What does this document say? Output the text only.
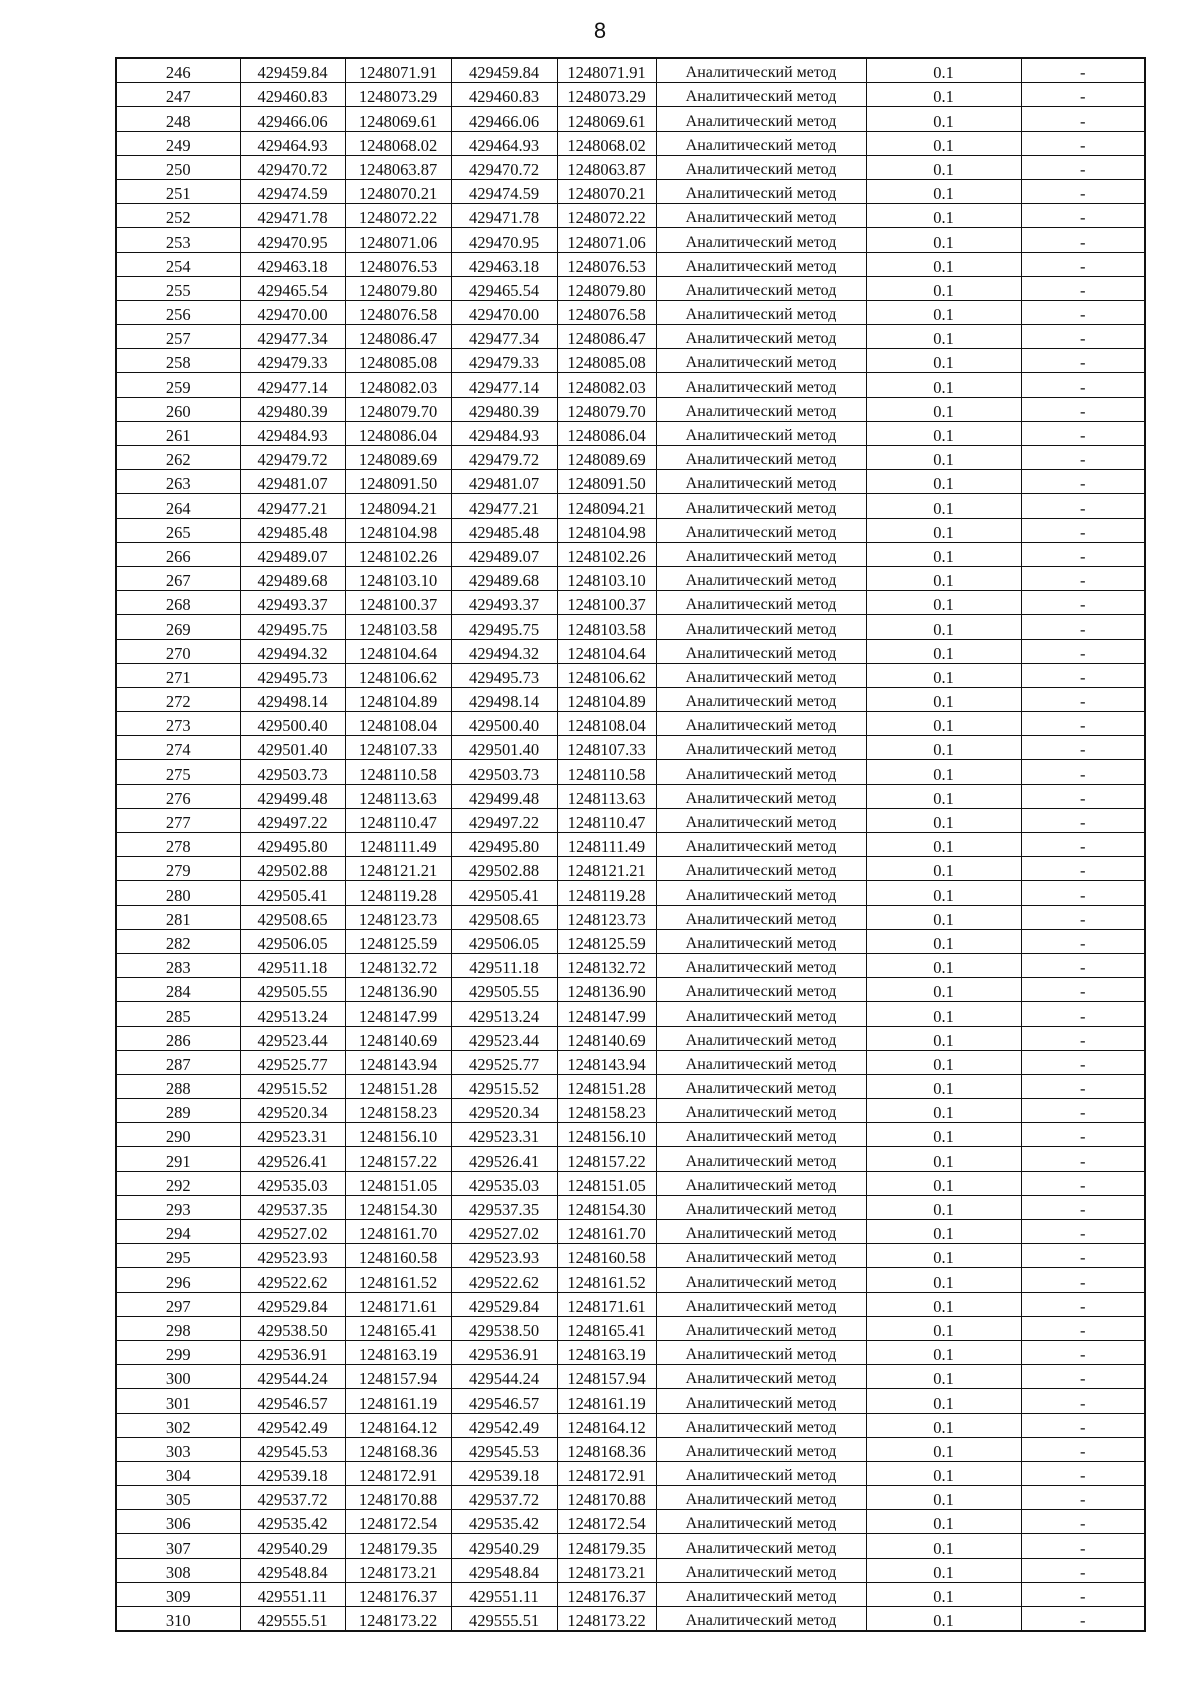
8
246	429459.84	1248071.91	429459.84	1248071.91	Аналитический метод	0.1	-
247	429460.83	1248073.29	429460.83	1248073.29	Аналитический метод	0.1	-
248	429466.06	1248069.61	429466.06	1248069.61	Аналитический метод	0.1	-
249	429464.93	1248068.02	429464.93	1248068.02	Аналитический метод	0.1	-
250	429470.72	1248063.87	429470.72	1248063.87	Аналитический метод	0.1	-
251	429474.59	1248070.21	429474.59	1248070.21	Аналитический метод	0.1	-
252	429471.78	1248072.22	429471.78	1248072.22	Аналитический метод	0.1	-
253	429470.95	1248071.06	429470.95	1248071.06	Аналитический метод	0.1	-
254	429463.18	1248076.53	429463.18	1248076.53	Аналитический метод	0.1	-
255	429465.54	1248079.80	429465.54	1248079.80	Аналитический метод	0.1	-
256	429470.00	1248076.58	429470.00	1248076.58	Аналитический метод	0.1	-
257	429477.34	1248086.47	429477.34	1248086.47	Аналитический метод	0.1	-
258	429479.33	1248085.08	429479.33	1248085.08	Аналитический метод	0.1	-
259	429477.14	1248082.03	429477.14	1248082.03	Аналитический метод	0.1	-
260	429480.39	1248079.70	429480.39	1248079.70	Аналитический метод	0.1	-
261	429484.93	1248086.04	429484.93	1248086.04	Аналитический метод	0.1	-
262	429479.72	1248089.69	429479.72	1248089.69	Аналитический метод	0.1	-
263	429481.07	1248091.50	429481.07	1248091.50	Аналитический метод	0.1	-
264	429477.21	1248094.21	429477.21	1248094.21	Аналитический метод	0.1	-
265	429485.48	1248104.98	429485.48	1248104.98	Аналитический метод	0.1	-
266	429489.07	1248102.26	429489.07	1248102.26	Аналитический метод	0.1	-
267	429489.68	1248103.10	429489.68	1248103.10	Аналитический метод	0.1	-
268	429493.37	1248100.37	429493.37	1248100.37	Аналитический метод	0.1	-
269	429495.75	1248103.58	429495.75	1248103.58	Аналитический метод	0.1	-
270	429494.32	1248104.64	429494.32	1248104.64	Аналитический метод	0.1	-
271	429495.73	1248106.62	429495.73	1248106.62	Аналитический метод	0.1	-
272	429498.14	1248104.89	429498.14	1248104.89	Аналитический метод	0.1	-
273	429500.40	1248108.04	429500.40	1248108.04	Аналитический метод	0.1	-
274	429501.40	1248107.33	429501.40	1248107.33	Аналитический метод	0.1	-
275	429503.73	1248110.58	429503.73	1248110.58	Аналитический метод	0.1	-
276	429499.48	1248113.63	429499.48	1248113.63	Аналитический метод	0.1	-
277	429497.22	1248110.47	429497.22	1248110.47	Аналитический метод	0.1	-
278	429495.80	1248111.49	429495.80	1248111.49	Аналитический метод	0.1	-
279	429502.88	1248121.21	429502.88	1248121.21	Аналитический метод	0.1	-
280	429505.41	1248119.28	429505.41	1248119.28	Аналитический метод	0.1	-
281	429508.65	1248123.73	429508.65	1248123.73	Аналитический метод	0.1	-
282	429506.05	1248125.59	429506.05	1248125.59	Аналитический метод	0.1	-
283	429511.18	1248132.72	429511.18	1248132.72	Аналитический метод	0.1	-
284	429505.55	1248136.90	429505.55	1248136.90	Аналитический метод	0.1	-
285	429513.24	1248147.99	429513.24	1248147.99	Аналитический метод	0.1	-
286	429523.44	1248140.69	429523.44	1248140.69	Аналитический метод	0.1	-
287	429525.77	1248143.94	429525.77	1248143.94	Аналитический метод	0.1	-
288	429515.52	1248151.28	429515.52	1248151.28	Аналитический метод	0.1	-
289	429520.34	1248158.23	429520.34	1248158.23	Аналитический метод	0.1	-
290	429523.31	1248156.10	429523.31	1248156.10	Аналитический метод	0.1	-
291	429526.41	1248157.22	429526.41	1248157.22	Аналитический метод	0.1	-
292	429535.03	1248151.05	429535.03	1248151.05	Аналитический метод	0.1	-
293	429537.35	1248154.30	429537.35	1248154.30	Аналитический метод	0.1	-
294	429527.02	1248161.70	429527.02	1248161.70	Аналитический метод	0.1	-
295	429523.93	1248160.58	429523.93	1248160.58	Аналитический метод	0.1	-
296	429522.62	1248161.52	429522.62	1248161.52	Аналитический метод	0.1	-
297	429529.84	1248171.61	429529.84	1248171.61	Аналитический метод	0.1	-
298	429538.50	1248165.41	429538.50	1248165.41	Аналитический метод	0.1	-
299	429536.91	1248163.19	429536.91	1248163.19	Аналитический метод	0.1	-
300	429544.24	1248157.94	429544.24	1248157.94	Аналитический метод	0.1	-
301	429546.57	1248161.19	429546.57	1248161.19	Аналитический метод	0.1	-
302	429542.49	1248164.12	429542.49	1248164.12	Аналитический метод	0.1	-
303	429545.53	1248168.36	429545.53	1248168.36	Аналитический метод	0.1	-
304	429539.18	1248172.91	429539.18	1248172.91	Аналитический метод	0.1	-
305	429537.72	1248170.88	429537.72	1248170.88	Аналитический метод	0.1	-
306	429535.42	1248172.54	429535.42	1248172.54	Аналитический метод	0.1	-
307	429540.29	1248179.35	429540.29	1248179.35	Аналитический метод	0.1	-
308	429548.84	1248173.21	429548.84	1248173.21	Аналитический метод	0.1	-
309	429551.11	1248176.37	429551.11	1248176.37	Аналитический метод	0.1	-
310	429555.51	1248173.22	429555.51	1248173.22	Аналитический метод	0.1	-
